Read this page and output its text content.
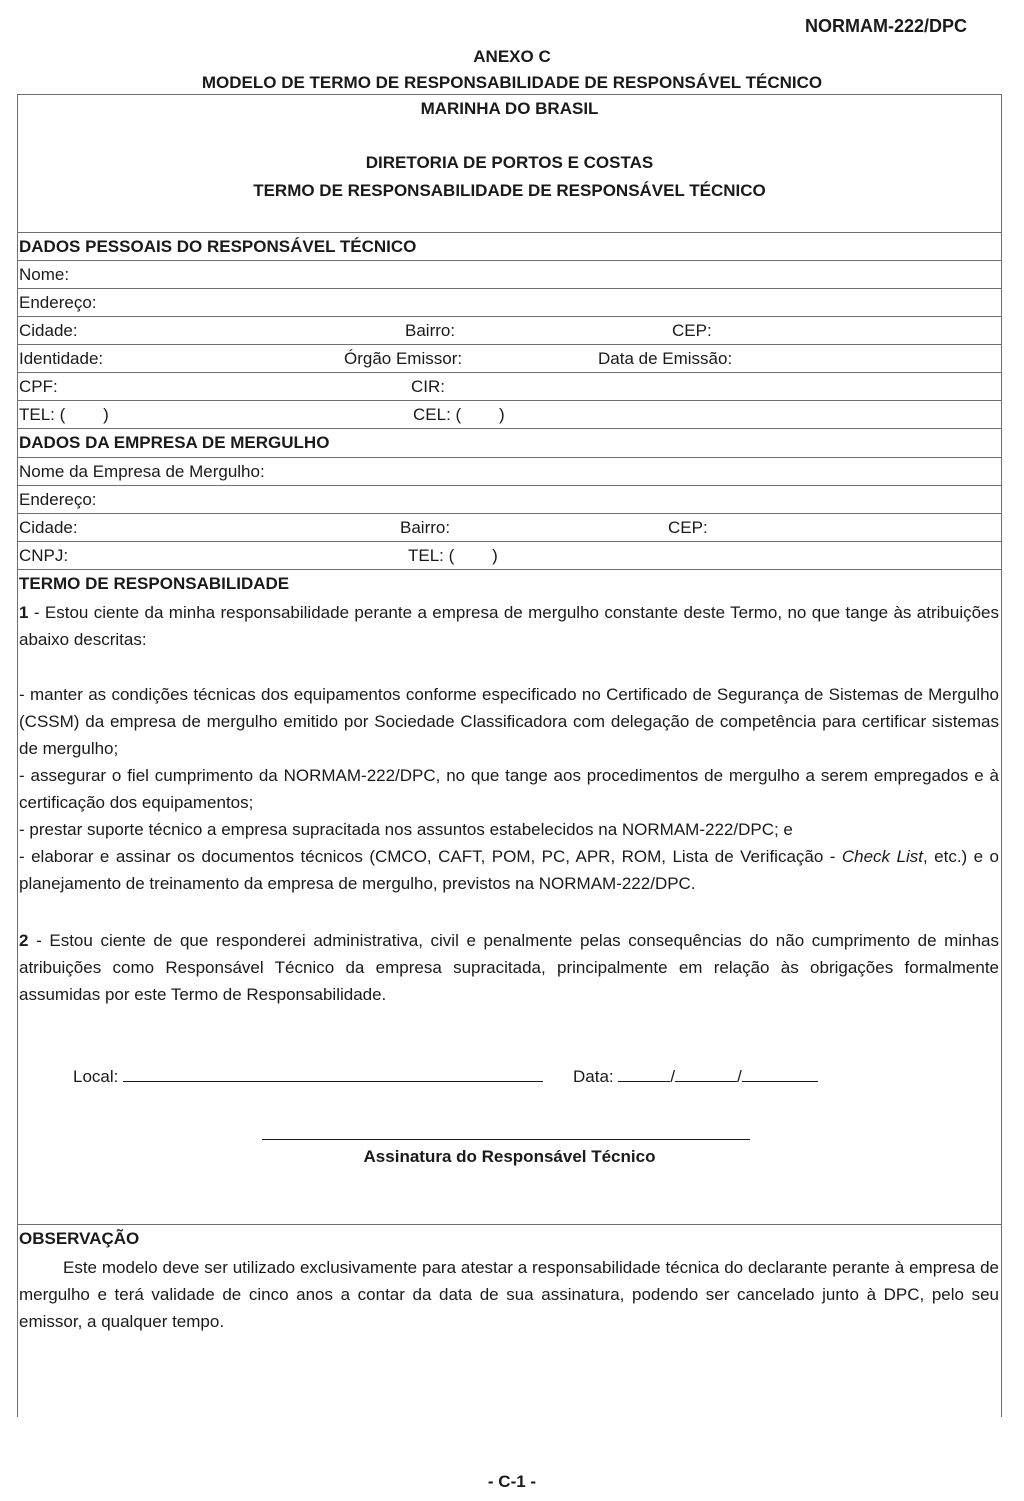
NORMAM-222/DPC
ANEXO C
MODELO DE TERMO DE RESPONSABILIDADE DE RESPONSÁVEL TÉCNICO
MARINHA DO BRASIL
DIRETORIA DE PORTOS E COSTAS
TERMO DE RESPONSABILIDADE DE RESPONSÁVEL TÉCNICO
DADOS PESSOAIS DO RESPONSÁVEL TÉCNICO
Nome:
Endereço:
Cidade:	Bairro:	CEP:
Identidade:	Órgão Emissor:	Data de Emissão:
CPF:	CIR:
TEL: (        )	CEL: (        )
DADOS DA EMPRESA DE MERGULHO
Nome da Empresa de Mergulho:
Endereço:
Cidade:	Bairro:	CEP:
CNPJ:	TEL: (        )
TERMO DE RESPONSABILIDADE

1 - Estou ciente da minha responsabilidade perante a empresa de mergulho constante deste Termo, no que tange às atribuições abaixo descritas:

- manter as condições técnicas dos equipamentos conforme especificado no Certificado de Segurança de Sistemas de Mergulho (CSSM) da empresa de mergulho emitido por Sociedade Classificadora com delegação de competência para certificar sistemas de mergulho;

- assegurar o fiel cumprimento da NORMAM-222/DPC, no que tange aos procedimentos de mergulho a serem empregados e à certificação dos equipamentos;

- prestar suporte técnico a empresa supracitada nos assuntos estabelecidos na NORMAM-222/DPC; e

- elaborar e assinar os documentos técnicos (CMCO, CAFT, POM, PC, APR, ROM, Lista de Verificação - Check List, etc.) e o planejamento de treinamento da empresa de mergulho, previstos na NORMAM-222/DPC.

2 - Estou ciente de que responderei administrativa, civil e penalmente pelas consequências do não cumprimento de minhas atribuições como Responsável Técnico da empresa supracitada, principalmente em relação às obrigações formalmente assumidas por este Termo de Responsabilidade.

Local:	Data:	/	/
Assinatura do Responsável Técnico
OBSERVAÇÃO
Este modelo deve ser utilizado exclusivamente para atestar a responsabilidade técnica do declarante perante à empresa de mergulho e terá validade de cinco anos a contar da data de sua assinatura, podendo ser cancelado junto à DPC, pelo seu emissor, a qualquer tempo.
- C-1 -
